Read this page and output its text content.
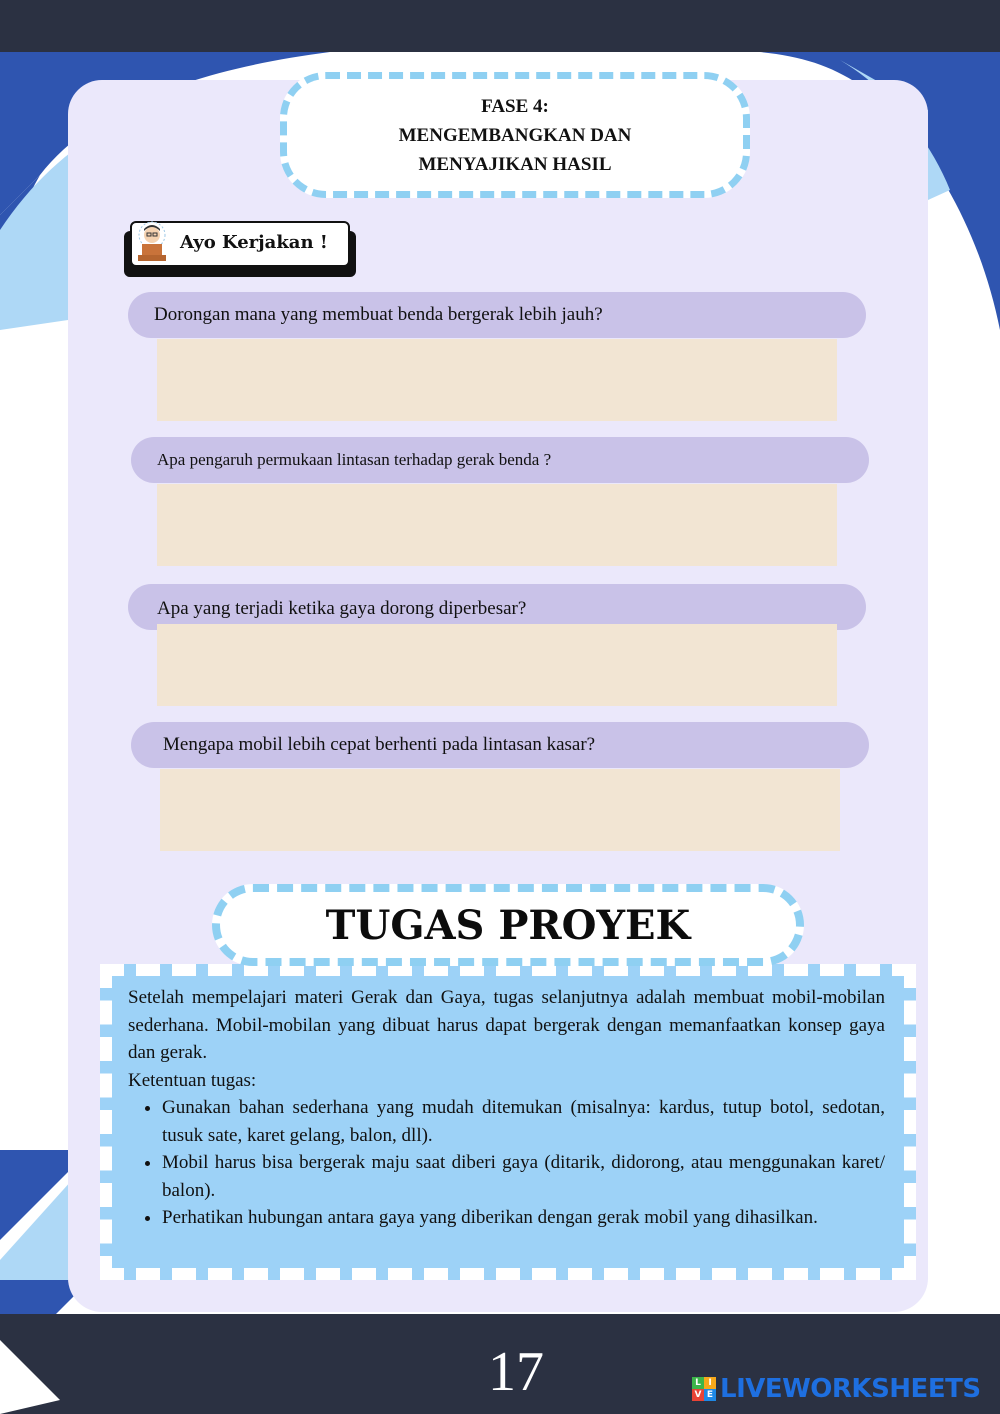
FASE 4:
MENGEMBANGKAN DAN
MENYAJIKAN HASIL
Ayo Kerjakan !
Dorongan mana yang membuat benda bergerak lebih jauh?
Apa pengaruh permukaan lintasan terhadap gerak benda ?
Apa yang terjadi ketika gaya dorong diperbesar?
Mengapa mobil lebih cepat berhenti pada lintasan kasar?
TUGAS PROYEK

Setelah mempelajari materi Gerak dan Gaya, tugas selanjutnya adalah membuat mobil-mobilan sederhana. Mobil-mobilan yang dibuat harus dapat bergerak dengan memanfaatkan konsep gaya dan gerak.

Ketentuan tugas:

• Gunakan bahan sederhana yang mudah ditemukan (misalnya: kardus, tutup botol, sedotan, tusuk sate, karet gelang, balon, dll).
• Mobil harus bisa bergerak maju saat diberi gaya (ditarik, didorong, atau menggunakan karet/ balon).
• Perhatikan hubungan antara gaya yang diberikan dengan gerak mobil yang dihasilkan.
17	L I
V E LIVEWORKSHEETS
